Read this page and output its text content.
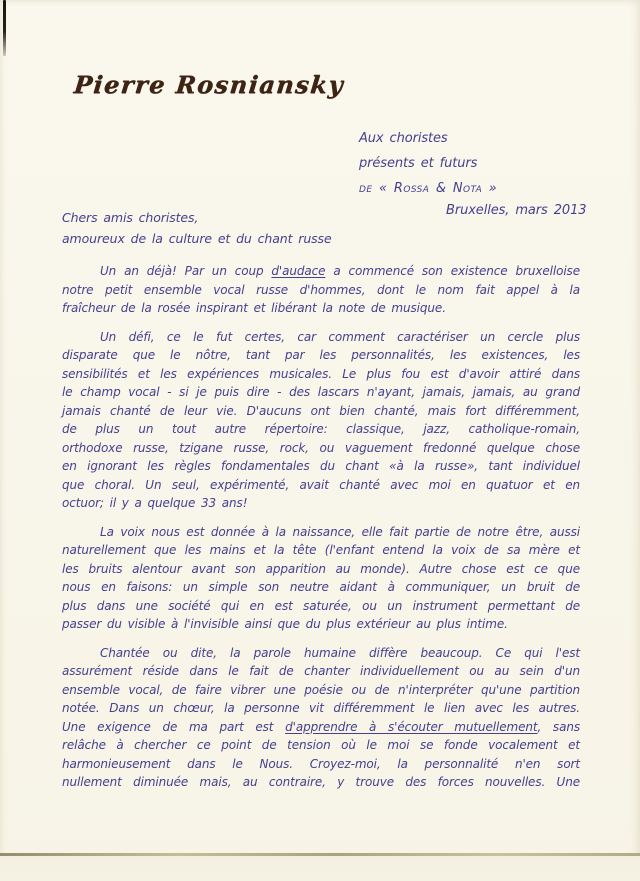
Pierre Rosniansky
Aux choristes
présents et futurs
de « Rossa & Nota »
Bruxelles, mars 2013
Chers amis choristes,
amoureux de la culture et du chant russe
Un an déjà! Par un coup d'audace a commencé son existence bruxelloise
notre petit ensemble vocal russe d'hommes, dont le nom fait appel à la
fraîcheur de la rosée inspirant et libérant la note de musique.
Un défi, ce le fut certes, car comment caractériser un cercle plus
disparate que le nôtre, tant par les personnalités, les existences, les
sensibilités et les expériences musicales. Le plus fou est d'avoir attiré dans
le champ vocal - si je puis dire - des lascars n'ayant, jamais, jamais, au grand
jamais chanté de leur vie. D'aucuns ont bien chanté, mais fort différemment,
de plus un tout autre répertoire: classique, jazz, catholique-romain,
orthodoxe russe, tzigane russe, rock, ou vaguement fredonné quelque chose
en ignorant les règles fondamentales du chant «à la russe», tant individuel
que choral. Un seul, expérimenté, avait chanté avec moi en quatuor et en
octuor; il y a quelque 33 ans!
La voix nous est donnée à la naissance, elle fait partie de notre être, aussi
naturellement que les mains et la tête (l'enfant entend la voix de sa mère et
les bruits alentour avant son apparition au monde). Autre chose est ce que
nous en faisons: un simple son neutre aidant à communiquer, un bruit de
plus dans une société qui en est saturée, ou un instrument permettant de
passer du visible à l'invisible ainsi que du plus extérieur au plus intime.
Chantée ou dite, la parole humaine diffère beaucoup. Ce qui l'est
assurément réside dans le fait de chanter individuellement ou au sein d'un
ensemble vocal, de faire vibrer une poésie ou de n'interpréter qu'une partition
notée. Dans un chœur, la personne vit différemment le lien avec les autres.
Une exigence de ma part est d'apprendre à s'écouter mutuellement, sans
relâche à chercher ce point de tension où le moi se fonde vocalement et
harmonieusement dans le Nous. Croyez-moi, la personnalité n'en sort
nullement diminuée mais, au contraire, y trouve des forces nouvelles. Une
